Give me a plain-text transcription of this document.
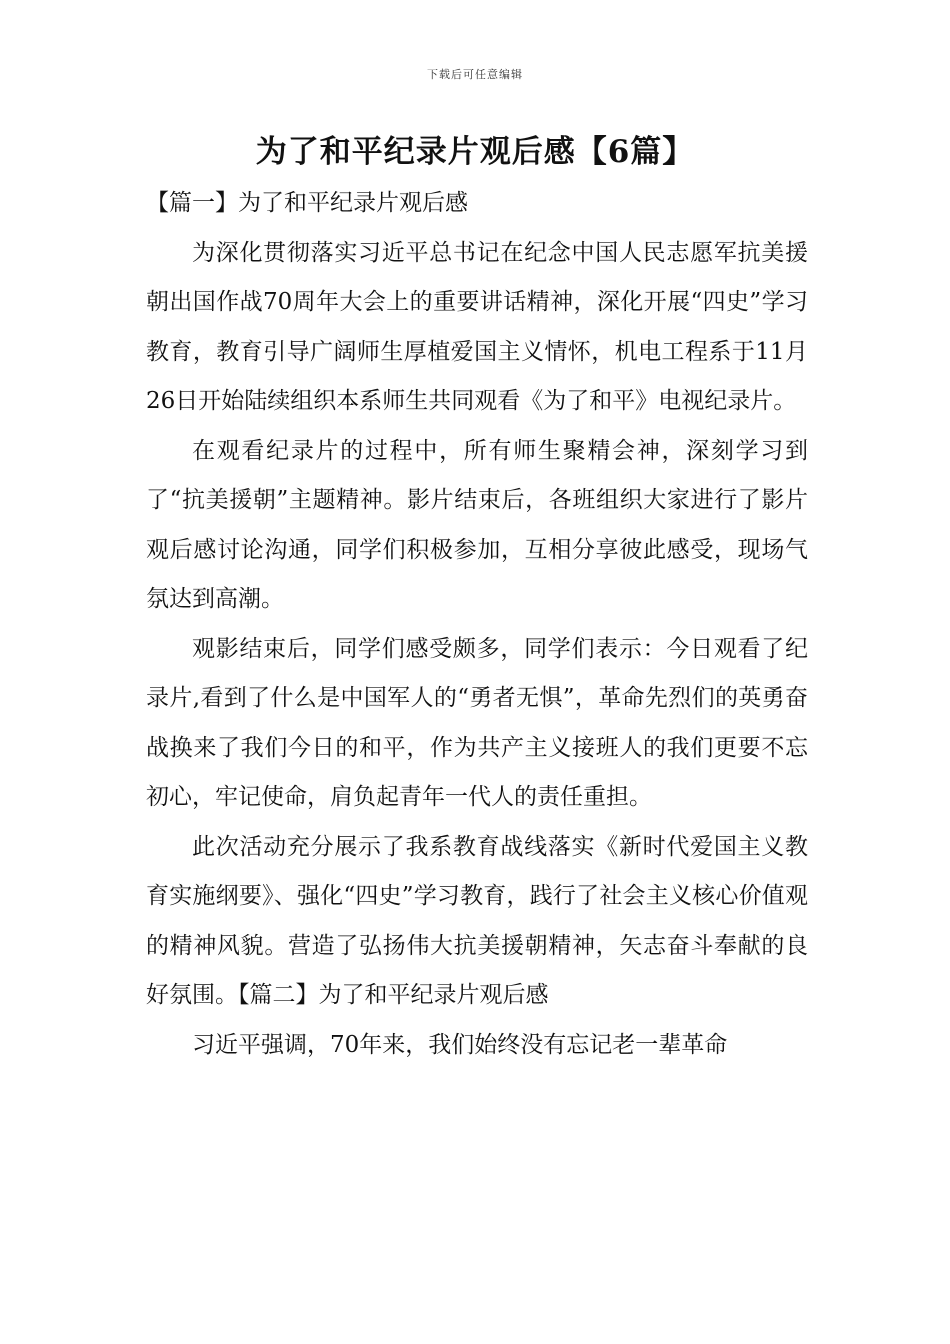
下载后可任意编辑
为了和平纪录片观后感【6篇】

【篇一】为了和平纪录片观后感

为深化贯彻落实习近平总书记在纪念中国人民志愿军抗美援朝出国作战70周年大会上的重要讲话精神，深化开展“四史”学习教育，教育引导广阔师生厚植爱国主义情怀，机电工程系于11月26日开始陆续组织本系师生共同观看《为了和平》电视纪录片。

在观看纪录片的过程中，所有师生聚精会神，深刻学习到了“抗美援朝”主题精神。影片结束后，各班组织大家进行了影片观后感讨论沟通，同学们积极参加，互相分享彼此感受，现场气氛达到高潮。

观影结束后，同学们感受颇多，同学们表示：今日观看了纪录片,看到了什么是中国军人的“勇者无惧”，革命先烈们的英勇奋战换来了我们今日的和平，作为共产主义接班人的我们更要不忘初心，牢记使命，肩负起青年一代人的责任重担。

此次活动充分展示了我系教育战线落实《新时代爱国主义教育实施纲要》、强化“四史”学习教育，践行了社会主义核心价值观的精神风貌。营造了弘扬伟大抗美援朝精神，矢志奋斗奉献的良好氛围。【篇二】为了和平纪录片观后感

习近平强调，70年来，我们始终没有忘记老一辈革命
